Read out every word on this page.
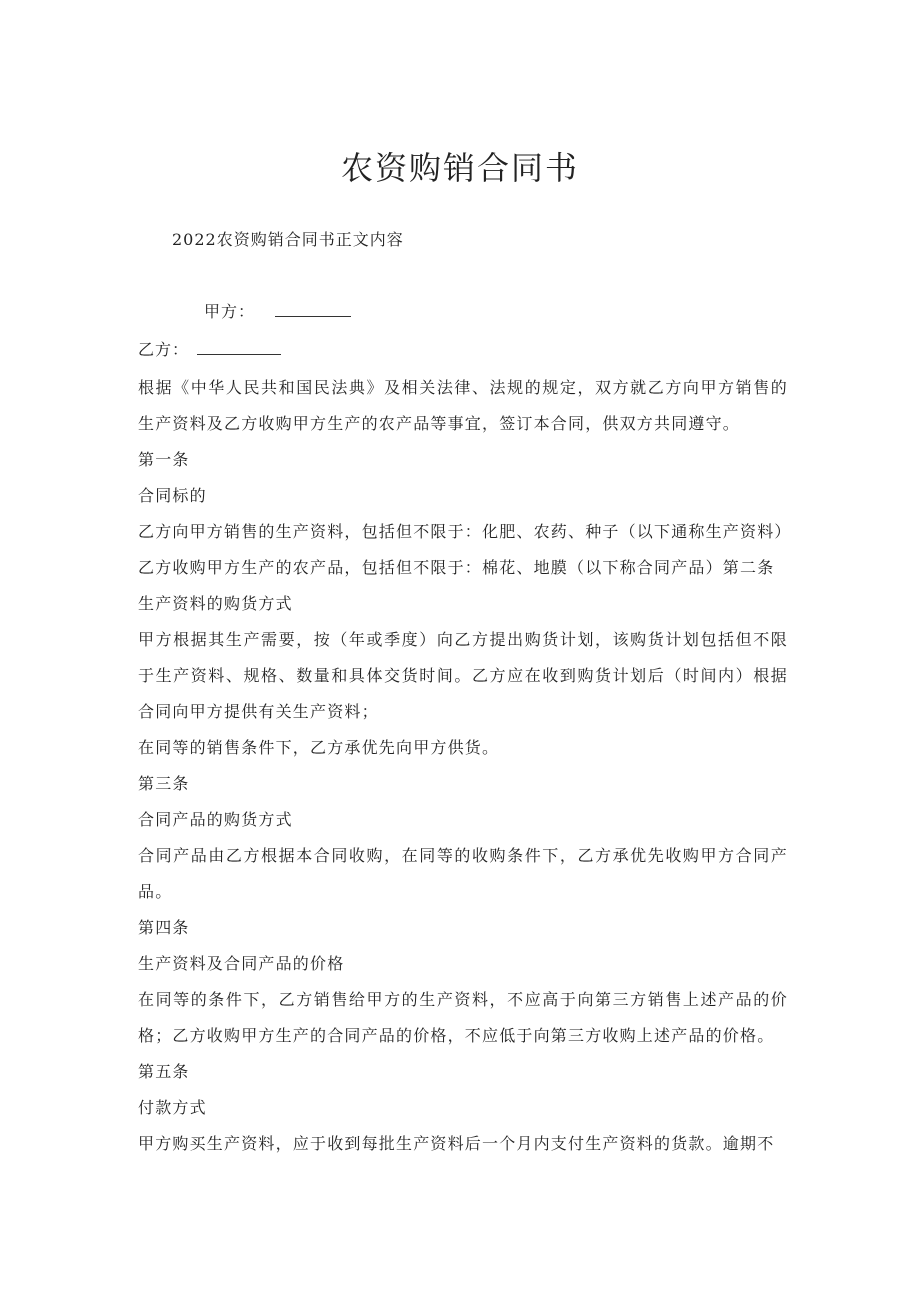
农资购销合同书
2022农资购销合同书正文内容
甲方：
乙方：

根据《中华人民共和国民法典》及相关法律、法规的规定，双方就乙方向甲方销售的生产资料及乙方收购甲方生产的农产品等事宜，签订本合同，供双方共同遵守。

第一条

合同标的

乙方向甲方销售的生产资料，包括但不限于：化肥、农药、种子（以下通称生产资料）

乙方收购甲方生产的农产品，包括但不限于：棉花、地膜（以下称合同产品）第二条

生产资料的购货方式

甲方根据其生产需要，按（年或季度）向乙方提出购货计划，该购货计划包括但不限于生产资料、规格、数量和具体交货时间。乙方应在收到购货计划后（时间内）根据合同向甲方提供有关生产资料；

在同等的销售条件下，乙方承优先向甲方供货。

第三条

合同产品的购货方式

合同产品由乙方根据本合同收购，在同等的收购条件下，乙方承优先收购甲方合同产品。

第四条

生产资料及合同产品的价格

在同等的条件下，乙方销售给甲方的生产资料，不应高于向第三方销售上述产品的价格；乙方收购甲方生产的合同产品的价格，不应低于向第三方收购上述产品的价格。

第五条

付款方式

甲方购买生产资料，应于收到每批生产资料后一个月内支付生产资料的货款。逾期不
